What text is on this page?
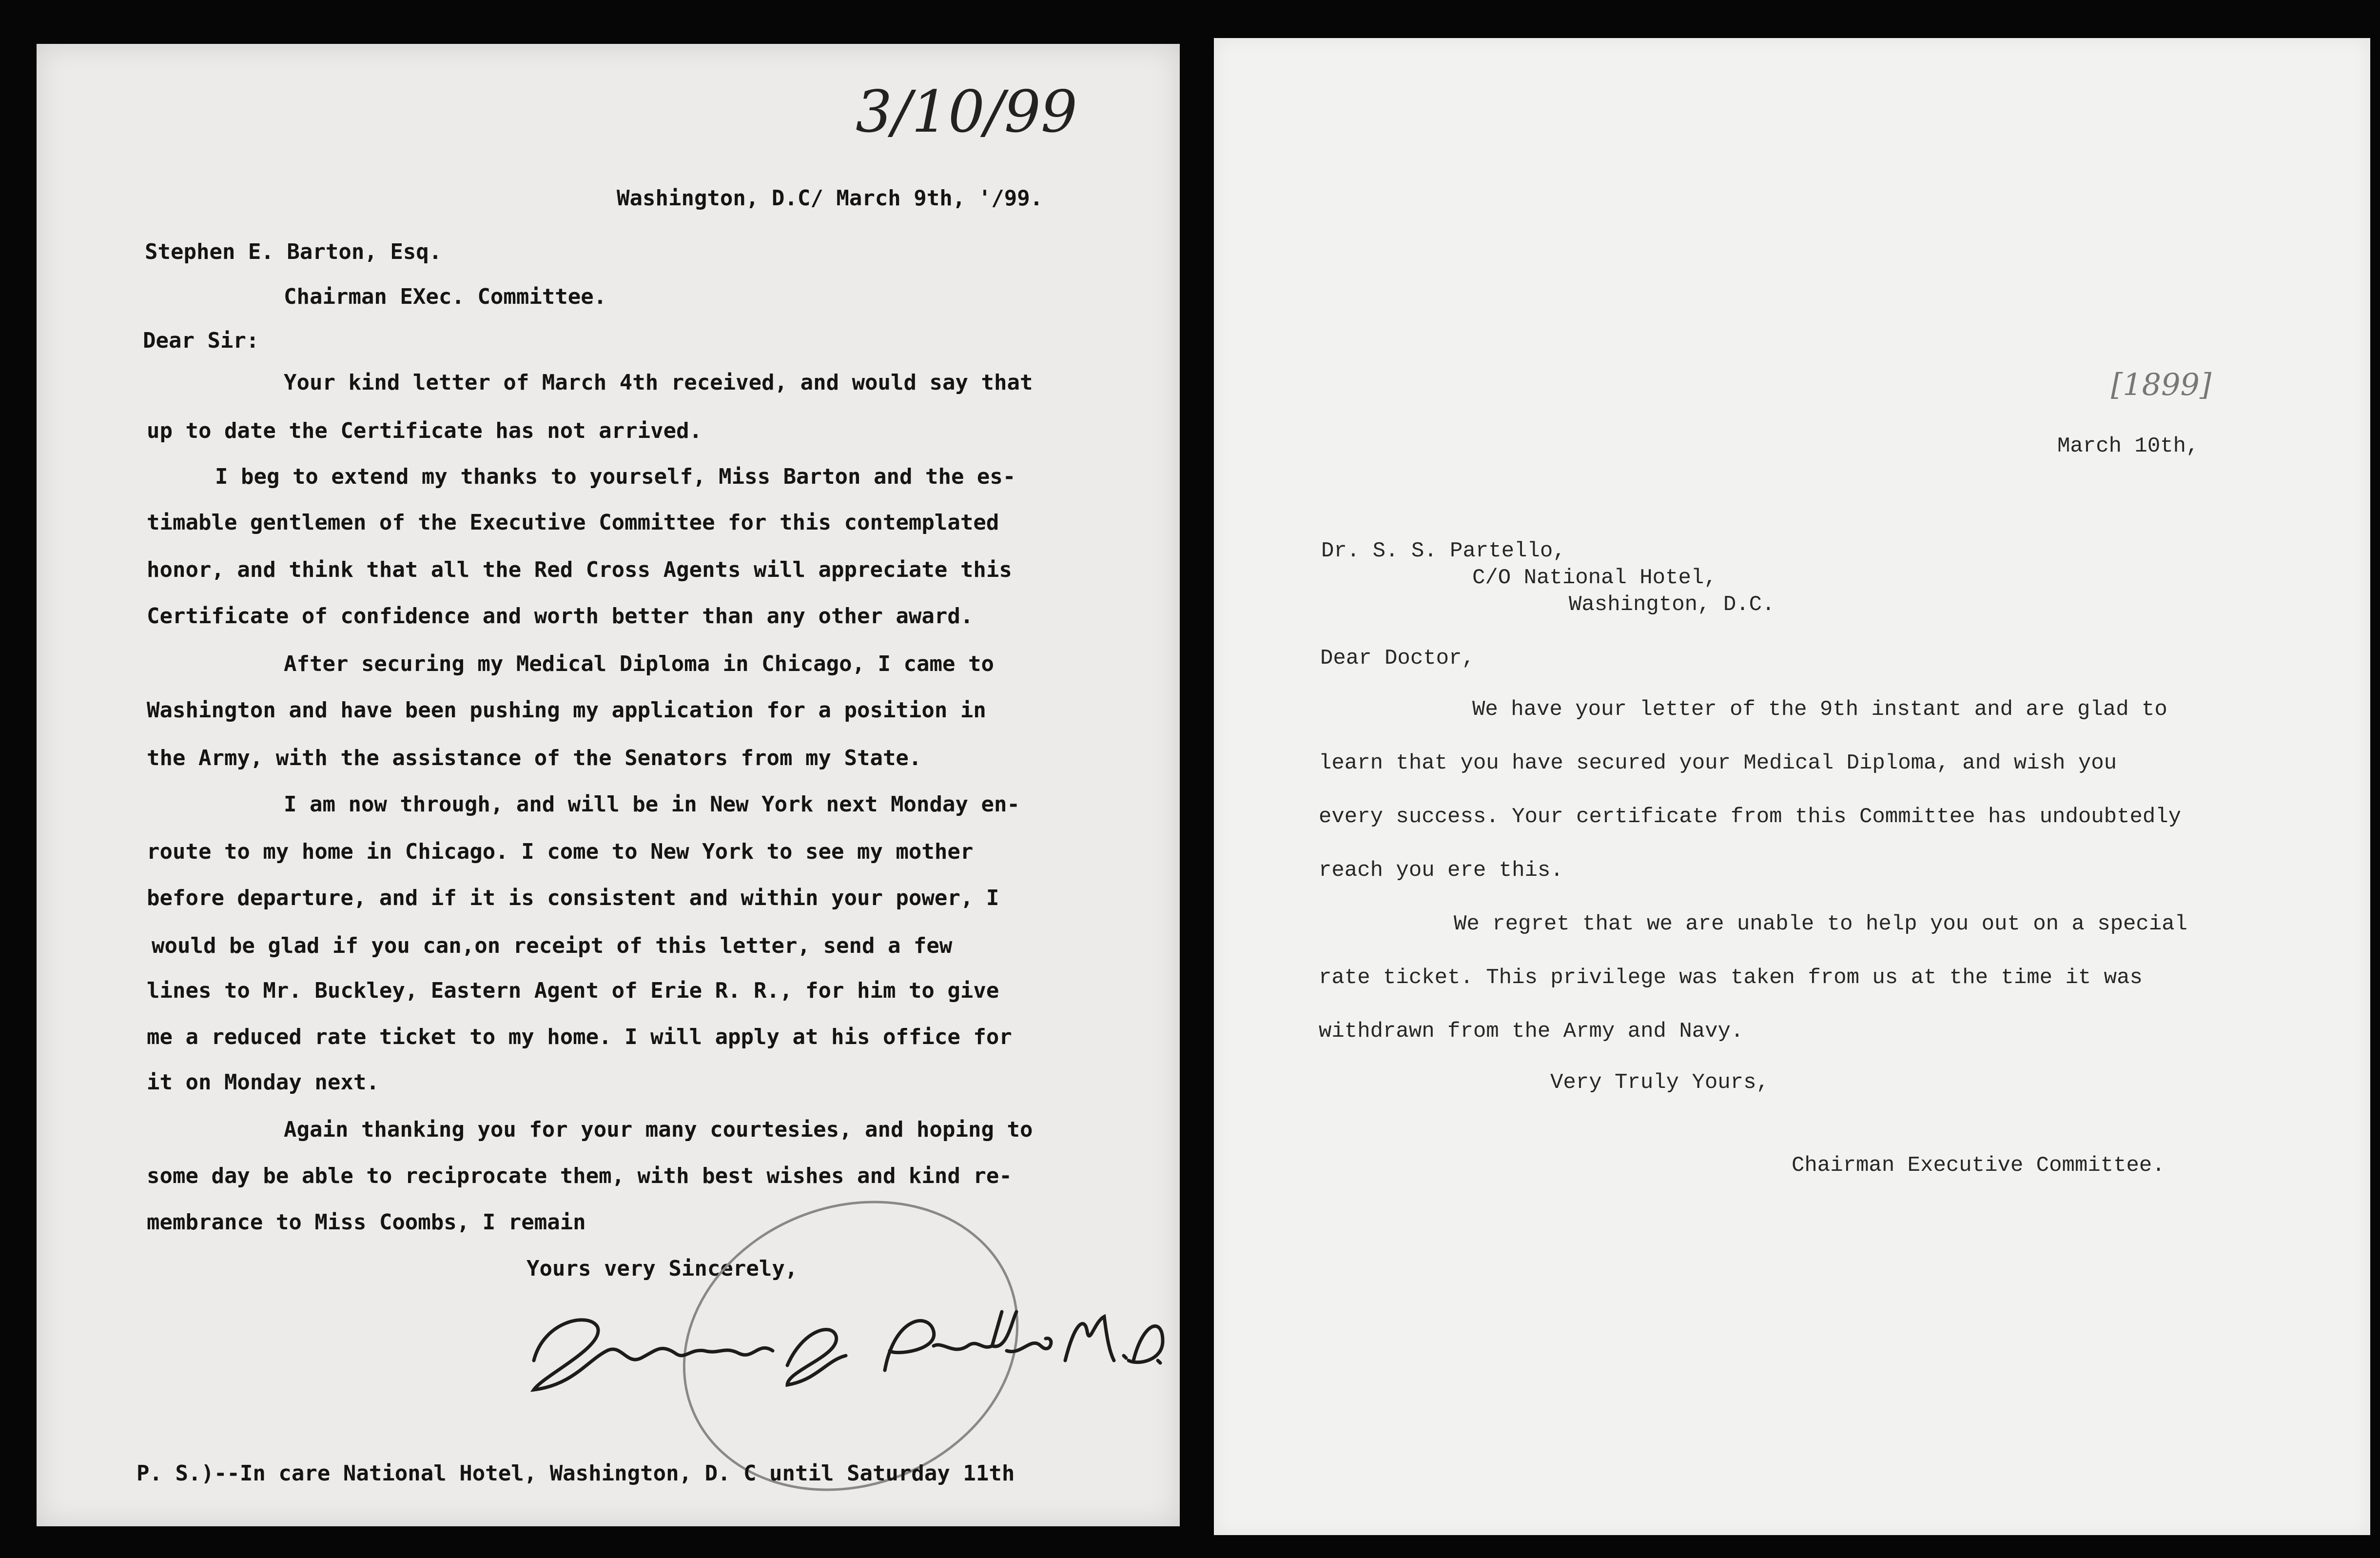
3/10/99

Washington, D.C/ March 9th, '/99.

Stephen E. Barton, Esq.

Chairman EXec. Committee.

Dear Sir:

Your kind letter of March 4th received, and would say that

up to date the Certificate has not arrived.

I beg to extend my thanks to yourself, Miss Barton and the es-

timable gentlemen of the Executive Committee for this contemplated

honor, and think that all the Red Cross Agents will appreciate this

Certificate of confidence and worth better than any other award.

After securing my Medical Diploma in Chicago, I came to

Washington and have been pushing my application for a position in

the Army, with the assistance of the Senators from my State.

I am now through, and will be in New York next Monday en-

route to my home in Chicago. I come to New York to see my mother

before departure, and if it is consistent and within your power, I

would be glad if you can,on receipt of this letter, send a few

lines to Mr. Buckley, Eastern Agent of Erie R. R., for him to give

me a reduced rate ticket to my home. I will apply at his office for

it on Monday next.

Again thanking you for your many courtesies, and hoping to

some day be able to reciprocate them, with best wishes and kind re-

membrance to Miss Coombs, I remain

Yours very Sincerely,

P. S.)--In care National Hotel, Washington, D. C until Saturday 11th

[1899]

March 10th,

Dr. S. S. Partello,

C/O National Hotel,

Washington, D.C.

Dear Doctor,

We have your letter of the 9th instant and are glad to

learn that you have secured your Medical Diploma, and wish you

every success. Your certificate from this Committee has undoubtedly

reach you ere this.

We regret that we are unable to help you out on a special

rate ticket. This privilege was taken from us at the time it was

withdrawn from the Army and Navy.

Very Truly Yours,

Chairman Executive Committee.
